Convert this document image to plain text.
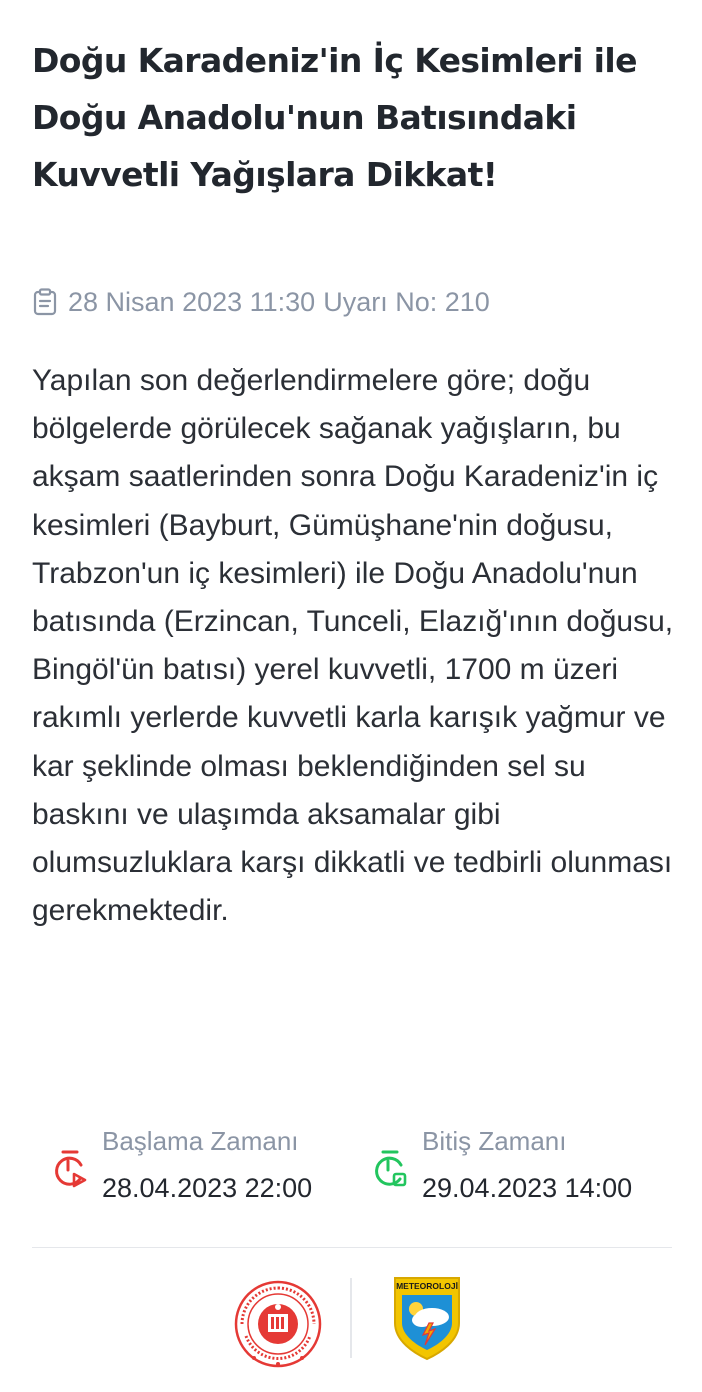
Doğu Karadeniz'in İç Kesimleri ile Doğu Anadolu'nun Batısındaki Kuvvetli Yağışlara Dikkat!
28 Nisan 2023 11:30 Uyarı No: 210
Yapılan son değerlendirmelere göre; doğu bölgelerde görülecek sağanak yağışların, bu akşam saatlerinden sonra Doğu Karadeniz'in iç kesimleri (Bayburt, Gümüşhane'nin doğusu, Trabzon'un iç kesimleri) ile Doğu Anadolu'nun batısında (Erzincan, Tunceli, Elazığ'ının doğusu, Bingöl'ün batısı) yerel kuvvetli, 1700 m üzeri rakımlı yerlerde kuvvetli karla karışık yağmur ve kar şeklinde olması beklendiğinden sel su baskını ve ulaşımda aksamalar gibi olumsuzluklara karşı dikkatli ve tedbirli olunması gerekmektedir.
Başlama Zamanı
28.04.2023 22:00
Bitiş Zamanı
29.04.2023 14:00
METEOROLOJİ
